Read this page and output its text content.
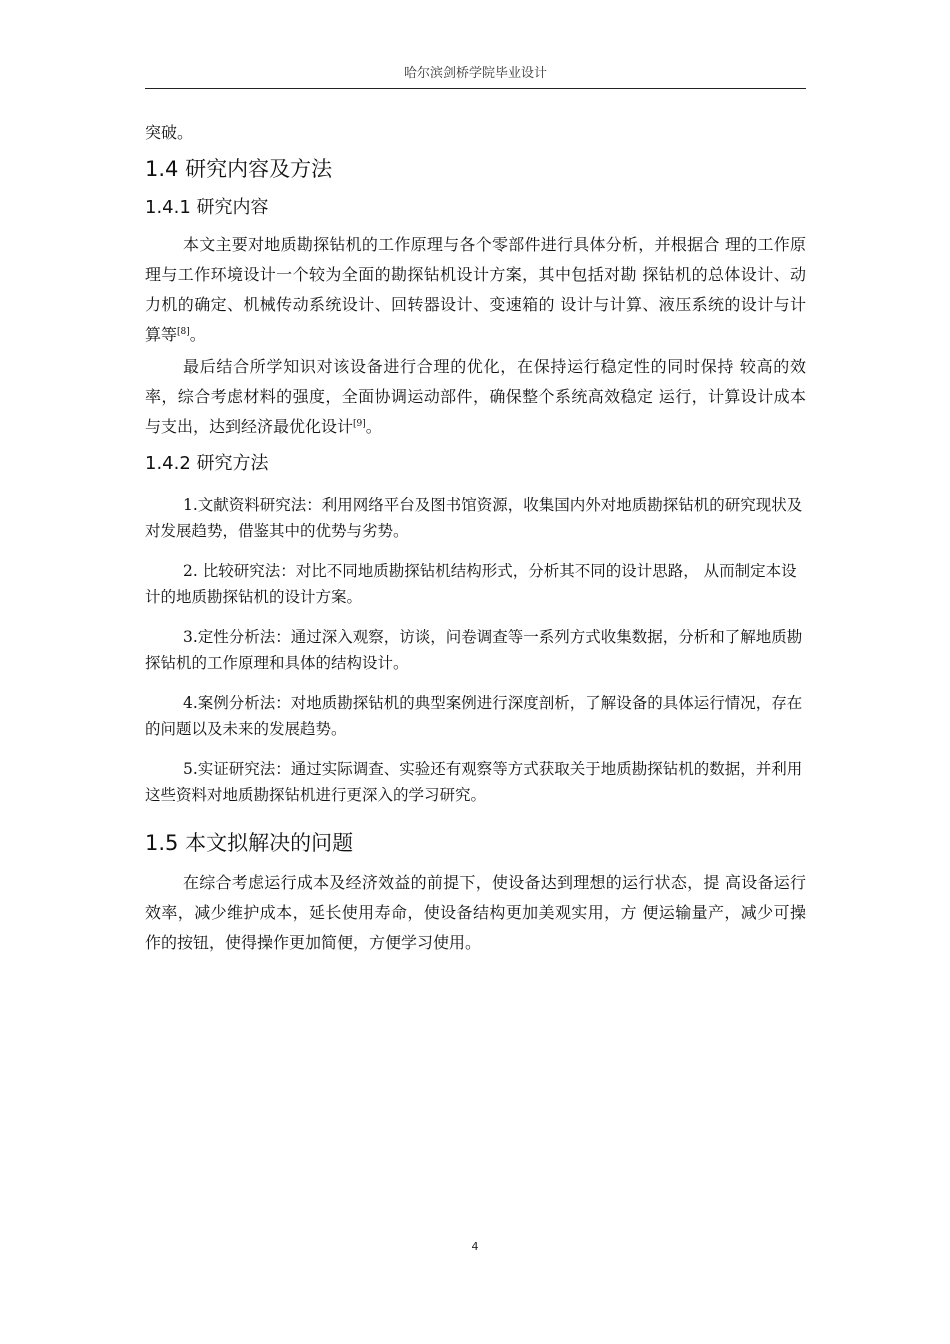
哈尔滨剑桥学院毕业设计

突破。

1.4 研究内容及方法
1.4.1 研究内容

本文主要对地质勘探钻机的工作原理与各个零部件进行具体分析，并根据合 理的工作原理与工作环境设计一个较为全面的勘探钻机设计方案，其中包括对勘 探钻机的总体设计、动力机的确定、机械传动系统设计、回转器设计、变速箱的 设计与计算、液压系统的设计与计算等[8]。

最后结合所学知识对该设备进行合理的优化，在保持运行稳定性的同时保持 较高的效率，综合考虑材料的强度，全面协调运动部件，确保整个系统高效稳定 运行，计算设计成本与支出，达到经济最优化设计[9]。

1.4.2 研究方法

1.文献资料研究法：利用网络平台及图书馆资源，收集国内外对地质勘探钻机的研究现状及对发展趋势，借鉴其中的优势与劣势。

2. 比较研究法：对比不同地质勘探钻机结构形式，分析其不同的设计思路， 从而制定本设计的地质勘探钻机的设计方案。

3.定性分析法：通过深入观察，访谈，问卷调查等一系列方式收集数据，分析和了解地质勘探钻机的工作原理和具体的结构设计。

4.案例分析法：对地质勘探钻机的典型案例进行深度剖析，了解设备的具体运行情况，存在的问题以及未来的发展趋势。

5.实证研究法：通过实际调查、实验还有观察等方式获取关于地质勘探钻机的数据，并利用这些资料对地质勘探钻机进行更深入的学习研究。

1.5 本文拟解决的问题

在综合考虑运行成本及经济效益的前提下，使设备达到理想的运行状态，提 高设备运行效率，减少维护成本，延长使用寿命，使设备结构更加美观实用，方 便运输量产，减少可操作的按钮，使得操作更加简便，方便学习使用。

4
